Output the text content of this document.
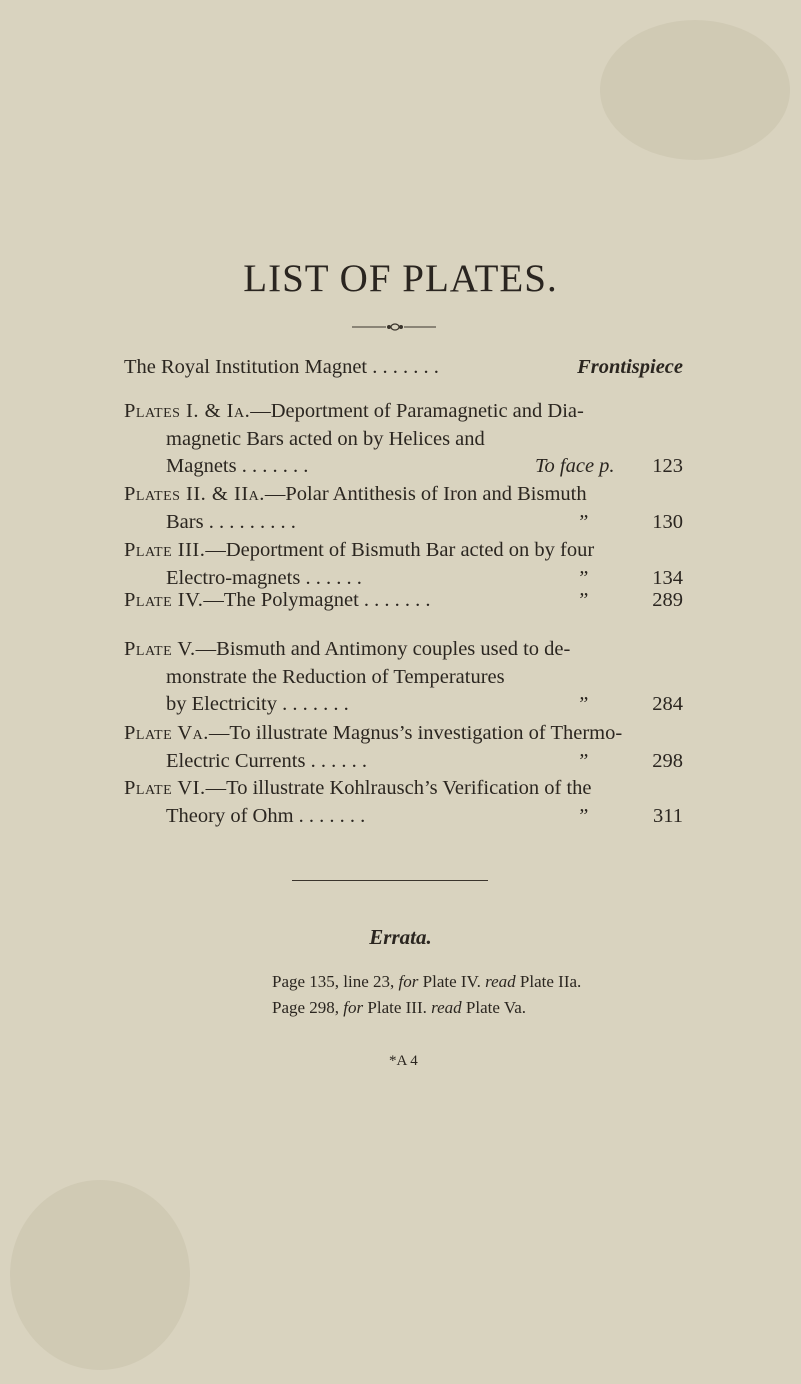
LIST OF PLATES.
The Royal Institution Magnet . . . . . . .	Frontispiece
Plates I. & Ia.—Deportment of Paramagnetic and Dia-
magnetic Bars acted on by Helices and
Magnets . . . . . . .	To face p.	123
Plates II. & IIa.—Polar Antithesis of Iron and Bismuth
Bars . . . . . . . . .	”	130
Plate III.—Deportment of Bismuth Bar acted on by four
Electro-magnets . . . . . .	”	134
Plate IV.—The Polymagnet . . . . . . .	”	289
Plate V.—Bismuth and Antimony couples used to de-
monstrate the Reduction of Temperatures
by Electricity . . . . . . .	”	284
Plate Va.—To illustrate Magnus’s investigation of Thermo-
Electric Currents . . . . . .	”	298
Plate VI.—To illustrate Kohlrausch’s Verification of the
Theory of Ohm . . . . . . .	”	311
Errata.
Page 135, line 23, for Plate IV. read Plate IIa.
Page 298, for Plate III. read Plate Va.
*A 4
